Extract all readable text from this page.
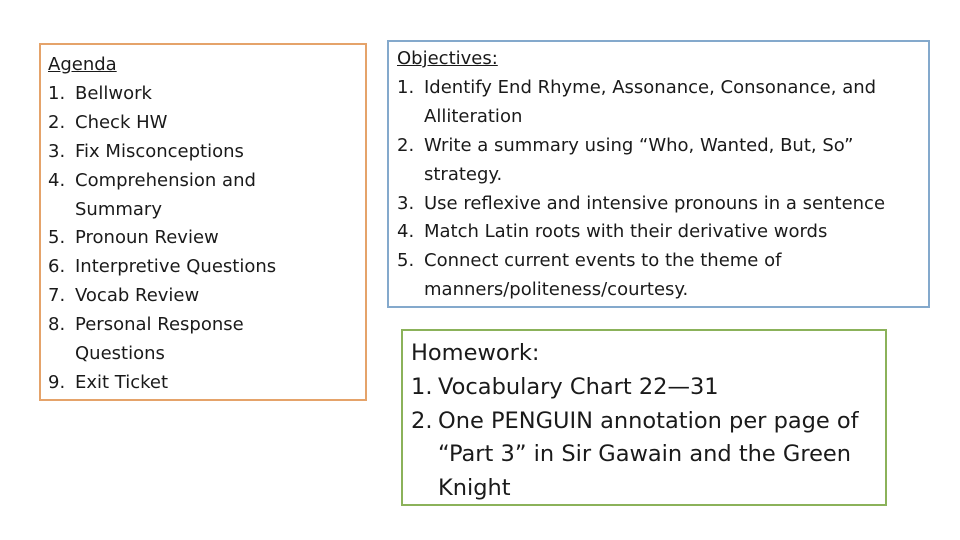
Agenda

1. Bellwork
2. Check HW
3. Fix Misconceptions
4. Comprehension and Summary
5. Pronoun Review
6. Interpretive Questions
7. Vocab Review
8. Personal Response Questions
9. Exit Ticket

Objectives:

1. Identify End Rhyme, Assonance, Consonance, and Alliteration
2. Write a summary using “Who, Wanted, But, So” strategy.
3. Use reflexive and intensive pronouns in a sentence
4. Match Latin roots with their derivative words
5. Connect current events to the theme of manners/politeness/courtesy.

Homework:

1. Vocabulary Chart 22—31
2. One PENGUIN annotation per page of “Part 3” in Sir Gawain and the Green Knight
